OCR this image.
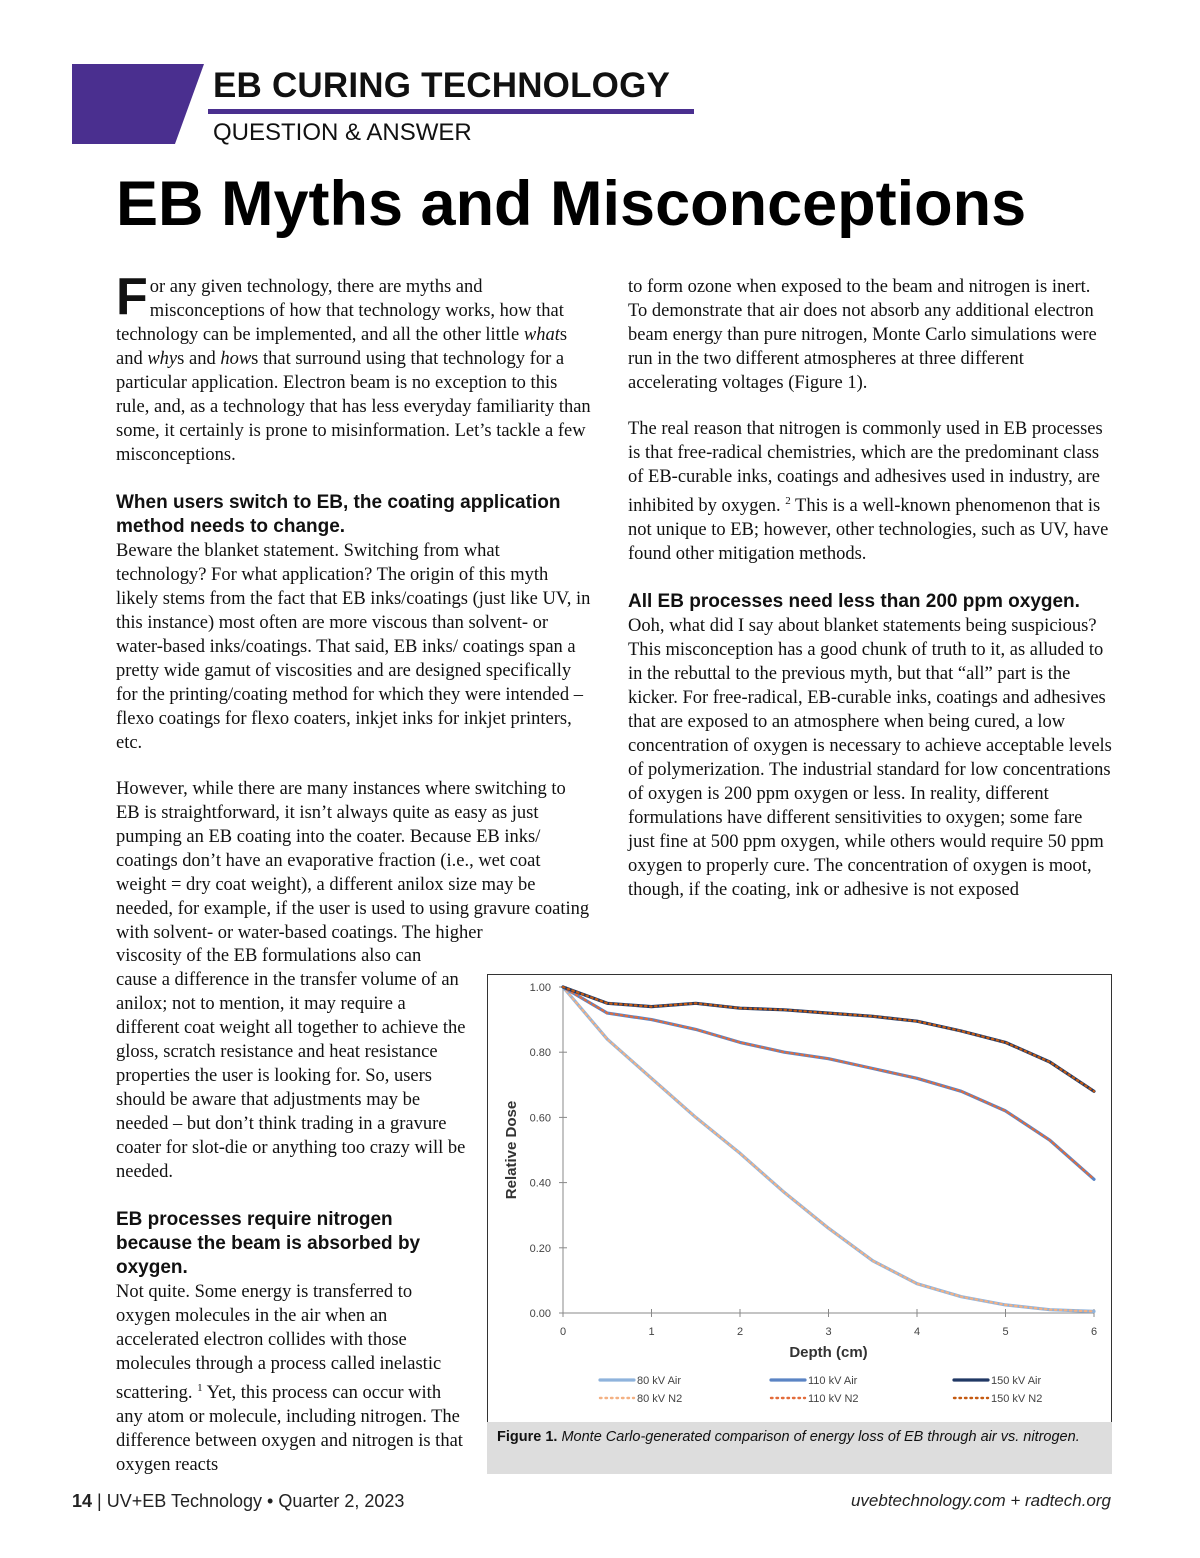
EB CURING TECHNOLOGY
QUESTION & ANSWER
EB Myths and Misconceptions

For any given technology, there are myths and misconceptions of how that technology works, how that technology can be implemented, and all the other little whats and whys and hows that surround using that technology for a particular application. Electron beam is no exception to this rule, and, as a technology that has less everyday familiarity than some, it certainly is prone to misinformation. Let’s tackle a few misconceptions.

When users switch to EB, the coating application method needs to change.

Beware the blanket statement. Switching from what technology? For what application? The origin of this myth likely stems from the fact that EB inks/coatings (just like UV, in this instance) most often are more viscous than solvent- or water-based inks/coatings. That said, EB inks/ coatings span a pretty wide gamut of viscosities and are designed specifically for the printing/coating method for which they were intended – flexo coatings for flexo coaters, inkjet inks for inkjet printers, etc.

However, while there are many instances where switching to EB is straightforward, it isn’t always quite as easy as just pumping an EB coating into the coater. Because EB inks/ coatings don’t have an evaporative fraction (i.e., wet coat weight = dry coat weight), a different anilox size may be needed, for example, if the user is used to using gravure coating with solvent- or water-based coatings. The higher

viscosity of the EB formulations also can cause a difference in the transfer volume of an anilox; not to mention, it may require a different coat weight all together to achieve the gloss, scratch resistance and heat resistance properties the user is looking for. So, users should be aware that adjustments may be needed – but don’t think trading in a gravure coater for slot-die or anything too crazy will be needed.

EB processes require nitrogen because the beam is absorbed by oxygen.

Not quite. Some energy is transferred to oxygen molecules in the air when an accelerated electron collides with those molecules through a process called inelastic scattering. $^1$ Yet, this process can occur with any atom or molecule, including nitrogen. The difference between oxygen and nitrogen is that oxygen reacts

to form ozone when exposed to the beam and nitrogen is inert. To demonstrate that air does not absorb any additional electron beam energy than pure nitrogen, Monte Carlo simulations were run in the two different atmospheres at three different accelerating voltages (Figure 1).

The real reason that nitrogen is commonly used in EB processes is that free-radical chemistries, which are the predominant class of EB-curable inks, coatings and adhesives used in industry, are inhibited by oxygen. $^2$ This is a well-known phenomenon that is not unique to EB; however, other technologies, such as UV, have found other mitigation methods.

All EB processes need less than 200 ppm oxygen.

Ooh, what did I say about blanket statements being suspicious? This misconception has a good chunk of truth to it, as alluded to in the rebuttal to the previous myth, but that “all” part is the kicker. For free-radical, EB-curable inks, coatings and adhesives that are exposed to an atmosphere when being cured, a low concentration of oxygen is necessary to achieve acceptable levels of polymerization. The industrial standard for low concentrations of oxygen is 200 ppm oxygen or less. In reality, different formulations have different sensitivities to oxygen; some fare just fine at 500 ppm oxygen, while others would require 50 ppm oxygen to properly cure. The concentration of oxygen is moot, though, if the coating, ink or adhesive is not exposed

0.00
0.20
0.40
0.60
0.80
1.00
0	1	2	3	4	5	6
Depth (cm)
Relative Dose
80 kV Air
80 kV N2
110 kV Air
110 kV N2
150 kV Air
150 kV N2
Figure 1. Monte Carlo-generated comparison of energy loss of EB through air vs. nitrogen.
14 | UV+EB Technology • Quarter 2, 2023	uvebtechnology.com + radtech.org
